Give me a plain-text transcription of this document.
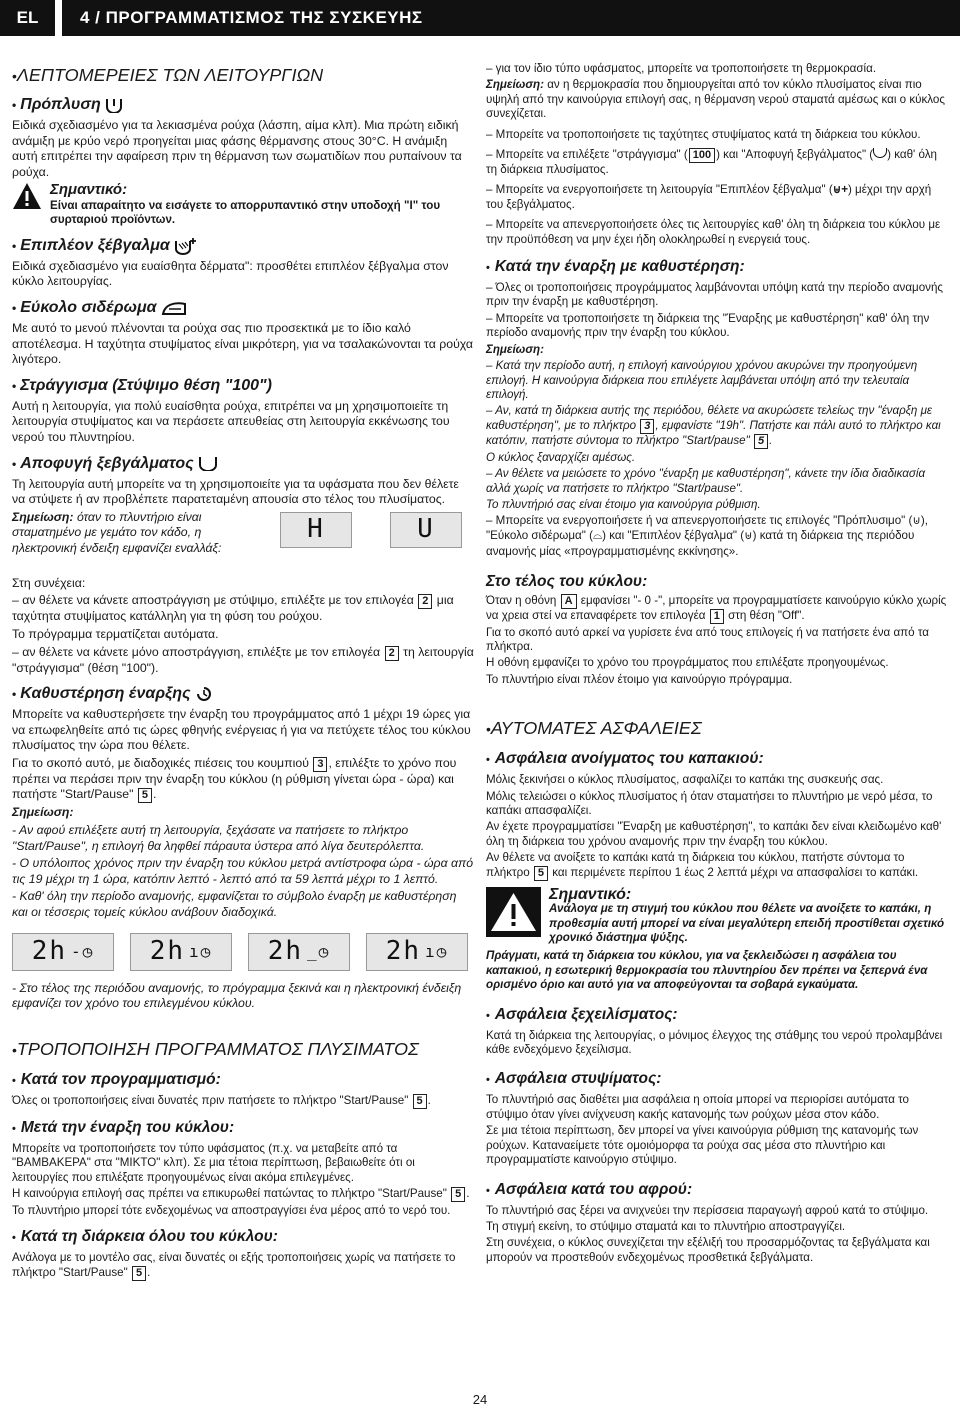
EL	4 / ΠΡΟΓΡΑΜΜΑΤΙΣΜΟΣ ΤΗΣ ΣΥΣΚΕΥΗΣ
•ΛΕΠΤΟΜΕΡΕΙΕΣ ΤΩΝ ΛΕΙΤΟΥΡΓΙΩΝ
• Πρόπλυση

Ειδικά σχεδιασμένο για τα λεκιασμένα ρούχα (λάσπη, αίμα κλπ). Μια πρώτη ειδική ανάμιξη με κρύο νερό προηγείται μιας φάσης θέρμανσης στους 30°C. Η ανάμιξη αυτή επιτρέπει την αφαίρεση πριν τη θέρμανση των σωματιδίων που ρυπαίνουν τα ρούχα.

Σημαντικό:
Είναι απαραίτητο να εισάγετε το απορρυπαντικό στην υποδοχή "I" του συρταριού προϊόντων.
• Επιπλέον ξέβγαλμα

Ειδικά σχεδιασμένο για ευαίσθητα δέρματα": προσθέτει επιπλέον ξέβγαλμα στον κύκλο λειτουργίας.

• Εύκολο σιδέρωμα

Με αυτό το μενού πλένονται τα ρούχα σας πιο προσεκτικά με το ίδιο καλό αποτέλεσμα. Η ταχύτητα στυψίματος είναι μικρότερη, για να τσαλακώνονται τα ρούχα λιγότερο.

• Στράγγισμα (Στύψιμο θέση "100")

Αυτή η λειτουργία, για πολύ ευαίσθητα ρούχα, επιτρέπει να μη χρησιμοποιείτε τη λειτουργία στυψίματος και να περάσετε απευθείας στη λειτουργία εκκένωσης του νερού του πλυντηρίου.

• Αποφυγή ξεβγάλματος

Τη λειτουργία αυτή μπορείτε να τη χρησιμοποιείτε για τα υφάσματα που δεν θέλετε να στύψετε ή αν προβλέπετε παρατεταμένη απουσία στο τέλος του πλυσίματος.

Σημείωση: όταν το πλυντήριο είναι σταματημένο με γεμάτο τον κάδο, η ηλεκτρονική ένδειξη εμφανίζει εναλλάξ:

H	U

Στη συνέχεια:

– αν θέλετε να κάνετε αποστράγγιση με στύψιμο, επιλέξτε με τον επιλογέα 2 μια ταχύτητα στυψίματος κατάλληλη για τη φύση του ρούχου.

Το πρόγραμμα τερματίζεται αυτόματα.

– αν θέλετε να κάνετε μόνο αποστράγγιση, επιλέξτε με τον επιλογέα 2 τη λειτουργία "στράγγισμα" (θέση "100").

• Καθυστέρηση έναρξης

Μπορείτε να καθυστερήσετε την έναρξη του προγράμματος από 1 μέχρι 19 ώρες για να επωφεληθείτε από τις ώρες φθηνής ενέργειας ή για να πετύχετε τέλος του κύκλου πλυσίματος την ώρα που θέλετε.

Για το σκοπό αυτό, με διαδοχικές πιέσεις του κουμπιού 3 , επιλέξτε το χρόνο που πρέπει να περάσει πριν την έναρξη του κύκλου (η ρύθμιση γίνεται ώρα - ώρα) και πατήστε "Start/Pause" 5 .

Σημείωση:

- Αν αφού επιλέξετε αυτή τη λειτουργία, ξεχάσατε να πατήσετε το πλήκτρο "Start/Pause", η επιλογή θα ληφθεί πάραυτα ύστερα από λίγα δευτερόλεπτα.

- Ο υπόλοιπος χρόνος πριν την έναρξη του κύκλου μετρά αντίστροφα ώρα - ώρα από τις 19 μέχρι τη 1 ώρα, κατόπιν λεπτό - λεπτό από τα 59 λεπτά μέχρι το 1 λεπτό.

- Καθ' όλη την περίοδο αναμονής, εμφανίζεται το σύμβολο έναρξη με καθυστέρηση και οι τέσσερις τομείς κύκλου ανάβουν διαδοχικά.

2h -◷ 2h ı◷ 2h _◷ 2h ı◷

- Στο τέλος της περιόδου αναμονής, το πρόγραμμα ξεκινά και η ηλεκτρονική ένδειξη εμφανίζει τον χρόνο του επιλεγμένου κύκλου.

•ΤΡΟΠΟΠΟΙΗΣΗ ΠΡΟΓΡΑΜΜΑΤΟΣ ΠΛΥΣΙΜΑΤΟΣ
• Κατά τον προγραμματισμό:

Όλες οι τροποποιήσεις είναι δυνατές πριν πατήσετε το πλήκτρο "Start/Pause" 5 .

• Μετά την έναρξη του κύκλου:

Μπορείτε να τροποποιήσετε τον τύπο υφάσματος (π.χ. να μεταβείτε από τα "ΒΑΜΒΑΚΕΡΑ" στα "ΜΙΚΤΟ" κλπ). Σε μια τέτοια περίπτωση, βεβαιωθείτε ότι οι λειτουργίες που επιλέξατε προηγουμένως είναι ακόμα επιλεγμένες.

Η καινούργια επιλογή σας πρέπει να επικυρωθεί πατώντας το πλήκτρο "Start/Pause" 5 .

Το πλυντήριο μπορεί τότε ενδεχομένως να αποστραγγίσει ένα μέρος από το νερό του.

• Κατά τη διάρκεια όλου του κύκλου:

Ανάλογα με το μοντέλο σας, είναι δυνατές οι εξής τροποποιήσεις χωρίς να πατήσετε το πλήκτρο "Start/Pause" 5 .

– για τον ίδιο τύπο υφάσματος, μπορείτε να τροποποιήσετε τη θερμοκρασία.

Σημείωση: αν η θερμοκρασία που δημιουργείται από τον κύκλο πλυσίματος είναι πιο υψηλή από την καινούργια επιλογή σας, η θέρμανση νερού σταματά αμέσως και ο κύκλος συνεχίζεται.

– Μπορείτε να τροποποιήσετε τις ταχύτητες στυψίματος κατά τη διάρκεια του κύκλου.

– Μπορείτε να επιλέξετε "στράγγισμα" ( 100 ) και "Αποφυγή ξεβγάλματος" ( ) καθ' όλη τη διάρκεια πλυσίματος.

– Μπορείτε να ενεργοποιήσετε τη λειτουργία "Επιπλέον ξέβγαλμα" (⊎+) μέχρι την αρχή του ξεβγάλματος.

– Μπορείτε να απενεργοποιήσετε όλες τις λειτουργίες καθ' όλη τη διάρκεια του κύκλου με την προϋπόθεση να μην έχει ήδη ολοκληρωθεί η ενεργειά τους.

• Κατά την έναρξη με καθυστέρηση:

– Όλες οι τροποποιήσεις προγράμματος λαμβάνονται υπόψη κατά την περίοδο αναμονής πριν την έναρξη με καθυστέρηση.

– Μπορείτε να τροποποιήσετε τη διάρκεια της "Έναρξης με καθυστέρηση" καθ' όλη την περίοδο αναμονής πριν την έναρξη του κύκλου.

Σημείωση:

– Κατά την περίοδο αυτή, η επιλογή καινούργιου χρόνου ακυρώνει την προηγούμενη επιλογή. Η καινούργια διάρκεια που επιλέγετε λαμβάνεται υπόψη από την τελευταία επιλογή.

– Αν, κατά τη διάρκεια αυτής της περιόδου, θέλετε να ακυρώσετε τελείως την "έναρξη με καθυστέρηση", με το πλήκτρο 3 , εμφανίστε "19h". Πατήστε και πάλι αυτό το πλήκτρο και κατόπιν, πατήστε σύντομα το πλήκτρο "Start/pause" 5 .

Ο κύκλος ξαναρχίζει αμέσως.

– Αν θέλετε να μειώσετε το χρόνο "έναρξη με καθυστέρηση", κάνετε την ίδια διαδικασία αλλά χωρίς να πατήσετε το πλήκτρο "Start/pause".

Το πλυντήριό σας είναι έτοιμο για καινούργια ρύθμιση.

– Μπορείτε να ενεργοποιήσετε ή να απενεργοποιήσετε τις επιλογές "Πρόπλυσιμο" (⊍), "Εύκολο σιδέρωμα" (⌓) και "Επιπλέον ξέβγαλμα" (⊎) κατά τη διάρκεια της περιόδου

αναμονής μίας «προγραμματισμένης εκκίνησης».

Στο τέλος του κύκλου:

Όταν η οθόνη A εμφανίσει "- 0 -", μπορείτε να προγραμματίσετε καινούργιο κύκλο χωρίς να χρεια στεί να επαναφέρετε τον επιλογέα 1 στη θέση "Off".

Για το σκοπό αυτό αρκεί να γυρίσετε ένα από τους επιλογείς ή να πατήσετε ένα από τα πλήκτρα.

Η οθόνη εμφανίζει το χρόνο του προγράμματος που επιλέξατε προηγουμένως.

Το πλυντήριο είναι πλέον έτοιμο για καινούργιο πρόγραμμα.

•ΑΥΤΟΜΑΤΕΣ ΑΣΦΑΛΕΙΕΣ
• Ασφάλεια ανοίγματος του καπακιού:

Μόλις ξεκινήσει ο κύκλος πλυσίματος, ασφαλίζει το καπάκι της συσκευής σας.

Μόλις τελειώσει ο κύκλος πλυσίματος ή όταν σταματήσει το πλυντήριο με νερό μέσα, το καπάκι απασφαλίζει.

Αν έχετε προγραμματίσει "Έναρξη με καθυστέρηση", το καπάκι δεν είναι κλειδωμένο καθ' όλη τη διάρκεια του χρόνου αναμονής πριν την έναρξη του κύκλου.

Αν θέλετε να ανοίξετε το καπάκι κατά τη διάρκεια του κύκλου, πατήστε σύντομα το πλήκτρο 5 και περιμένετε περίπου 1 έως 2 λεπτά μέχρι να απασφαλίσει το καπάκι.

Σημαντικό:
Ανάλογα με τη στιγμή του κύκλου που θέλετε να ανοίξετε το καπάκι, η προθεσμία αυτή μπορεί να είναι μεγαλύτερη επειδή προστίθεται σχετικό χρονικό διάστημα ψύξης.

Πράγματι, κατά τη διάρκεια του κύκλου, για να ξεκλειδώσει η ασφάλεια του καπακιού, η εσωτερική θερμοκρασία του πλυντηρίου δεν πρέπει να ξεπερνά ένα ορισμένο όριο και αυτό για να αποφεύγονται τα σοβαρά εγκαύματα.

• Ασφάλεια ξεχειλίσματος:

Κατά τη διάρκεια της λειτουργίας, ο μόνιμος έλεγχος της στάθμης του νερού προλαμβάνει κάθε ενδεχόμενο ξεχείλισμα.

• Ασφάλεια στυψίματος:

Το πλυντήριό σας διαθέτει μια ασφάλεια η οποία μπορεί να περιορίσει αυτόματα το στύψιμο όταν γίνει ανίχνευση κακής κατανομής των ρούχων μέσα στον κάδο.

Σε μια τέτοια περίπτωση, δεν μπορεί να γίνει καινούργια ρύθμιση της κατανομής των ρούχων. Καταναείμετε τότε ομοιόμορφα τα ρούχα σας μέσα στο πλυντήριο και προγραμματίστε καινούργιο στύψιμο.

• Ασφάλεια κατά του αφρού:

Το πλυντήριό σας ξέρει να ανιχνεύει την περίσσεια παραγωγή αφρού κατά το στύψιμο.

Τη στιγμή εκείνη, το στύψιμο σταματά και το πλυντήριο αποστραγγίζει.

Στη συνέχεια, ο κύκλος συνεχίζεται την εξέλιξή του προσαρμόζοντας τα ξεβγάλματα και μπορούν να προστεθούν ενδεχομένως προσθετικά ξεβγάλματα.

24
